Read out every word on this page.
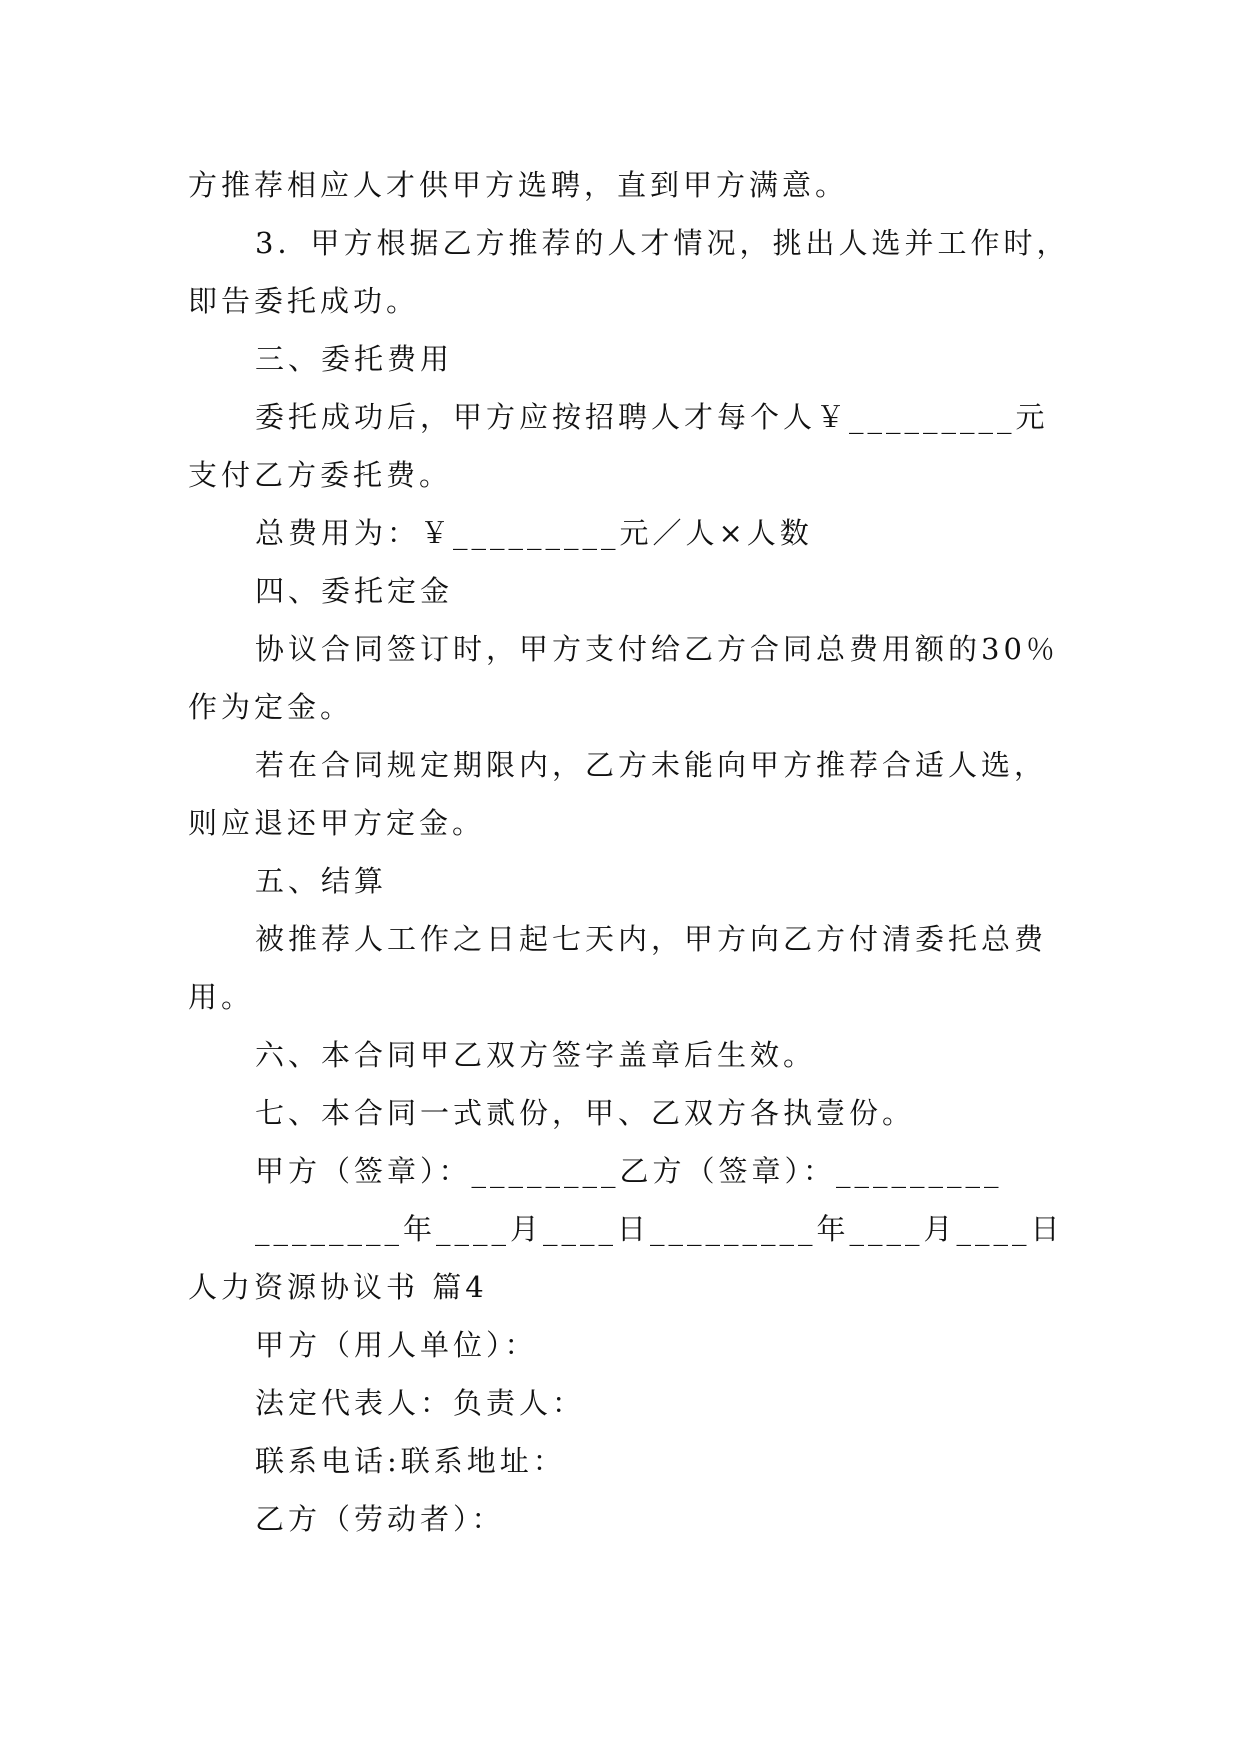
方推荐相应人才供甲方选聘，直到甲方满意。
3．甲方根据乙方推荐的人才情况，挑出人选并工作时，
即告委托成功。
三、委托费用
委托成功后，甲方应按招聘人才每个人￥_________元
支付乙方委托费。
总费用为：￥_________元／人×人数
四、委托定金
协议合同签订时，甲方支付给乙方合同总费用额的30％
作为定金。
若在合同规定期限内，乙方未能向甲方推荐合适人选，
则应退还甲方定金。
五、结算
被推荐人工作之日起七天内，甲方向乙方付清委托总费
用。
六、本合同甲乙双方签字盖章后生效。
七、本合同一式贰份，甲、乙双方各执壹份。
甲方（签章）：________乙方（签章）：_________
________年____月____日_________年____月____日
人力资源协议书 篇4
甲方（用人单位）：
法定代表人：负责人：
联系电话:联系地址：
乙方（劳动者）：
